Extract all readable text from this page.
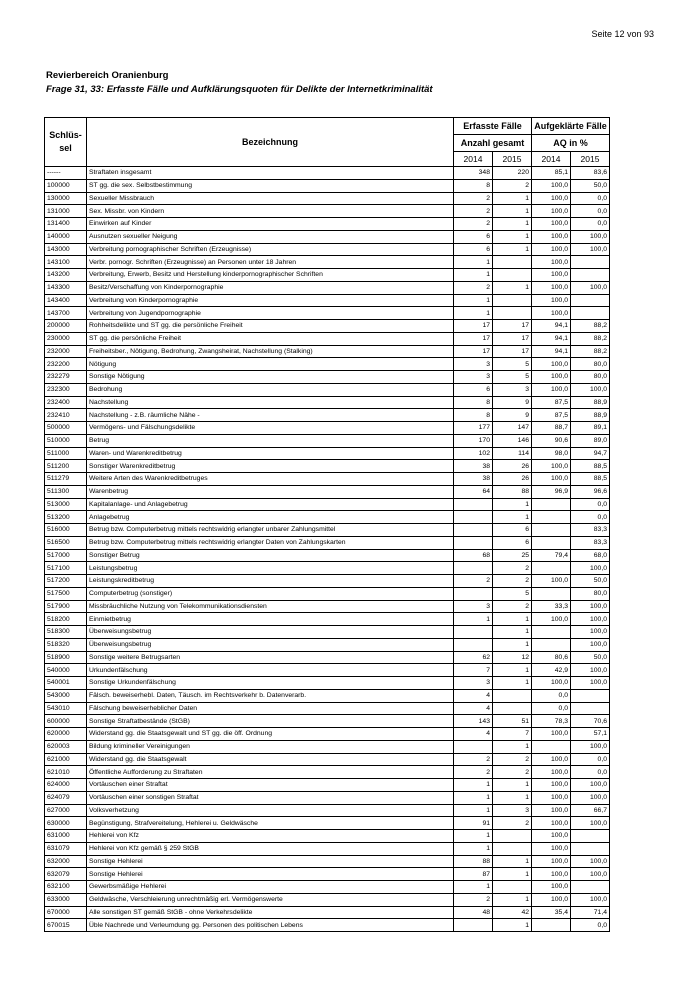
Seite 12 von 93
Revierbereich Oranienburg
Frage 31, 33: Erfasste Fälle und Aufklärungsquoten für Delikte der Internetkriminalität
Schlüs-
sel	Bezeichnung	Erfasste Fälle		Aufgeklärte Fälle	
		Anzahl gesamt		AQ in %	
		2014	2015	2014	2015
------	Straftaten insgesamt	348	220	85,1	83,6
100000	ST gg. die sex. Selbstbestimmung	8	2	100,0	50,0
130000	Sexueller Missbrauch	2	1	100,0	0,0
131000	Sex. Missbr. von Kindern	2	1	100,0	0,0
131400	Einwirken auf Kinder	2	1	100,0	0,0
140000	Ausnutzen sexueller Neigung	6	1	100,0	100,0
143000	Verbreitung pornographischer Schriften (Erzeugnisse)	6	1	100,0	100,0
143100	Verbr. pornogr. Schriften (Erzeugnisse) an Personen unter 18 Jahren	1		100,0	
143200	Verbreitung, Erwerb, Besitz und Herstellung kinderpornographischer Schriften	1		100,0	
143300	Besitz/Verschaffung von Kinderpornographie	2	1	100,0	100,0
143400	Verbreitung von Kinderpornographie	1		100,0	
143700	Verbreitung von Jugendpornographie	1		100,0	
200000	Rohheitsdelikte und ST gg. die persönliche Freiheit	17	17	94,1	88,2
230000	ST gg. die persönliche Freiheit	17	17	94,1	88,2
232000	Freiheitsber., Nötigung, Bedrohung, Zwangsheirat, Nachstellung (Stalking)	17	17	94,1	88,2
232200	Nötigung	3	5	100,0	80,0
232279	Sonstige Nötigung	3	5	100,0	80,0
232300	Bedrohung	6	3	100,0	100,0
232400	Nachstellung	8	9	87,5	88,9
232410	Nachstellung - z.B. räumliche Nähe -	8	9	87,5	88,9
500000	Vermögens- und Fälschungsdelikte	177	147	88,7	89,1
510000	Betrug	170	146	90,6	89,0
511000	Waren- und Warenkreditbetrug	102	114	98,0	94,7
511200	Sonstiger Warenkreditbetrug	38	26	100,0	88,5
511279	Weitere Arten des Warenkreditbetruges	38	26	100,0	88,5
511300	Warenbetrug	64	88	96,9	96,6
513000	Kapitalanlage- und Anlagebetrug		1		0,0
513200	Anlagebetrug		1		0,0
516000	Betrug bzw. Computerbetrug mittels rechtswidrig erlangter unbarer Zahlungsmittel		6		83,3
516500	Betrug bzw. Computerbetrug mittels rechtswidrig erlangter Daten von Zahlungskarten		6		83,3
517000	Sonstiger Betrug	68	25	79,4	68,0
517100	Leistungsbetrug		2		100,0
517200	Leistungskreditbetrug	2	2	100,0	50,0
517500	Computerbetrug (sonstiger)		5		80,0
517900	Missbräuchliche Nutzung von Telekommunikationsdiensten	3	2	33,3	100,0
518200	Einmietbetrug	1	1	100,0	100,0
518300	Überweisungsbetrug		1		100,0
518320	Überweisungsbetrug		1		100,0
518900	Sonstige weitere Betrugsarten	62	12	80,6	50,0
540000	Urkundenfälschung	7	1	42,9	100,0
540001	Sonstige Urkundenfälschung	3	1	100,0	100,0
543000	Fälsch. beweiserhebl. Daten, Täusch. im Rechtsverkehr b. Datenverarb.	4		0,0	
543010	Fälschung beweiserheblicher Daten	4		0,0	
600000	Sonstige Straftatbestände (StGB)	143	51	78,3	70,6
620000	Widerstand gg. die Staatsgewalt und ST gg. die öff. Ordnung	4	7	100,0	57,1
620003	Bildung krimineller Vereinigungen		1		100,0
621000	Widerstand gg. die Staatsgewalt	2	2	100,0	0,0
621010	Öffentliche Aufforderung zu Straftaten	2	2	100,0	0,0
624000	Vortäuschen einer Straftat	1	1	100,0	100,0
624079	Vortäuschen einer sonstigen Straftat	1	1	100,0	100,0
627000	Volksverhetzung	1	3	100,0	66,7
630000	Begünstigung, Strafvereitelung, Hehlerei u. Geldwäsche	91	2	100,0	100,0
631000	Hehlerei von Kfz	1		100,0	
631079	Hehlerei von Kfz gemäß § 259 StGB	1		100,0	
632000	Sonstige Hehlerei	88	1	100,0	100,0
632079	Sonstige Hehlerei	87	1	100,0	100,0
632100	Gewerbsmäßige Hehlerei	1		100,0	
633000	Geldwäsche, Verschleierung unrechtmäßig erl. Vermögenswerte	2	1	100,0	100,0
670000	Alle sonstigen ST gemäß StGB - ohne Verkehrsdelikte	48	42	35,4	71,4
670015	Üble Nachrede und Verleumdung gg. Personen des politischen Lebens		1		0,0
